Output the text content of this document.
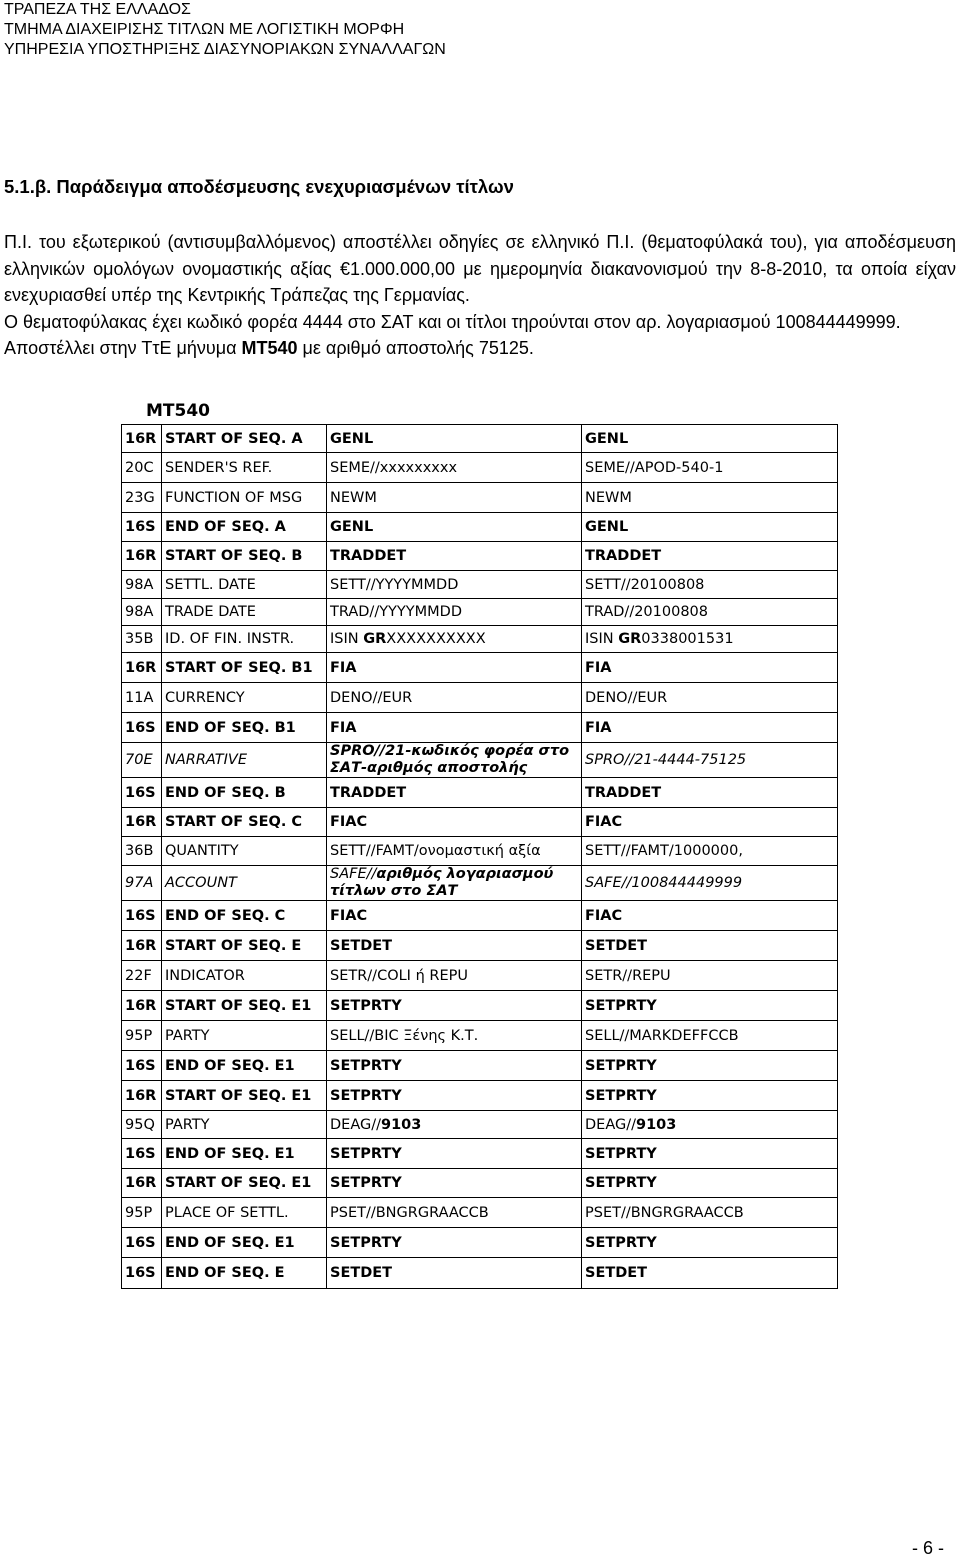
ΤΡΑΠΕΖΑ ΤΗΣ ΕΛΛΑΔΟΣ
ΤΜΗΜΑ ΔΙΑΧΕΙΡΙΣΗΣ ΤΙΤΛΩΝ ΜΕ ΛΟΓΙΣΤΙΚΗ ΜΟΡΦΗ
ΥΠΗΡΕΣΙΑ ΥΠΟΣΤΗΡΙΞΗΣ ΔΙΑΣΥΝΟΡΙΑΚΩΝ ΣΥΝΑΛΛΑΓΩΝ
5.1.β. Παράδειγμα αποδέσμευσης ενεχυριασμένων τίτλων

Π.Ι. του εξωτερικού (αντισυμβαλλόμενος) αποστέλλει οδηγίες σε ελληνικό Π.Ι. (θεματοφύλακά του), για αποδέσμευση ελληνικών ομολόγων ονομαστικής αξίας €1.000.000,00 με ημερομηνία διακανονισμού την 8-8-2010, τα οποία είχαν ενεχυριασθεί υπέρ της Κεντρικής Τράπεζας της Γερμανίας.

Ο θεματοφύλακας έχει κωδικό φορέα 4444 στο ΣΑΤ και οι τίτλοι τηρούνται στον αρ. λογαριασμού 100844449999.

Αποστέλλει στην ΤτΕ μήνυμα MT540 με αριθμό αποστολής 75125.

MT540
16R	START OF SEQ. A	GENL	GENL
20C	SENDER'S REF.	SEME//xxxxxxxxx	SEME//APOD-540-1
23G	FUNCTION OF MSG	NEWM	NEWM
16S	END OF SEQ. A	GENL	GENL
16R	START OF SEQ. B	TRADDET	TRADDET
98A	SETTL. DATE	SETT//YYYYMMDD	SETT//20100808
98A	TRADE DATE	TRAD//YYYYMMDD	TRAD//20100808
35B	ID. OF FIN. INSTR.	ISIN GRXXXXXXXXXX	ISIN GR0338001531
16R	START OF SEQ. B1	FIA	FIA
11A	CURRENCY	DENO//EUR	DENO//EUR
16S	END OF SEQ. B1	FIA	FIA
70E	NARRATIVE	SPRO//21-κωδικός φορέα στο ΣΑΤ-αριθμός αποστολής	SPRO//21-4444-75125
16S	END OF SEQ. B	TRADDET	TRADDET
16R	START OF SEQ. C	FIAC	FIAC
36B	QUANTITY	SETT//FAMT/ονομαστική αξία	SETT//FAMT/1000000,
97A	ACCOUNT	SAFE//αριθμός λογαριασμού τίτλων στο ΣΑΤ	SAFE//100844449999
16S	END OF SEQ. C	FIAC	FIAC
16R	START OF SEQ. E	SETDET	SETDET
22F	INDICATOR	SETR//COLI ή REPU	SETR//REPU
16R	START OF SEQ. E1	SETPRTY	SETPRTY
95P	PARTY	SELL//BIC Ξένης Κ.Τ.	SELL//MARKDEFFCCB
16S	END OF SEQ. E1	SETPRTY	SETPRTY
16R	START OF SEQ. E1	SETPRTY	SETPRTY
95Q	PARTY	DEAG//9103	DEAG//9103
16S	END OF SEQ. E1	SETPRTY	SETPRTY
16R	START OF SEQ. E1	SETPRTY	SETPRTY
95P	PLACE OF SETTL.	PSET//BNGRGRAACCB	PSET//BNGRGRAACCB
16S	END OF SEQ. E1	SETPRTY	SETPRTY
16S	END OF SEQ. E	SETDET	SETDET
- 6 -
